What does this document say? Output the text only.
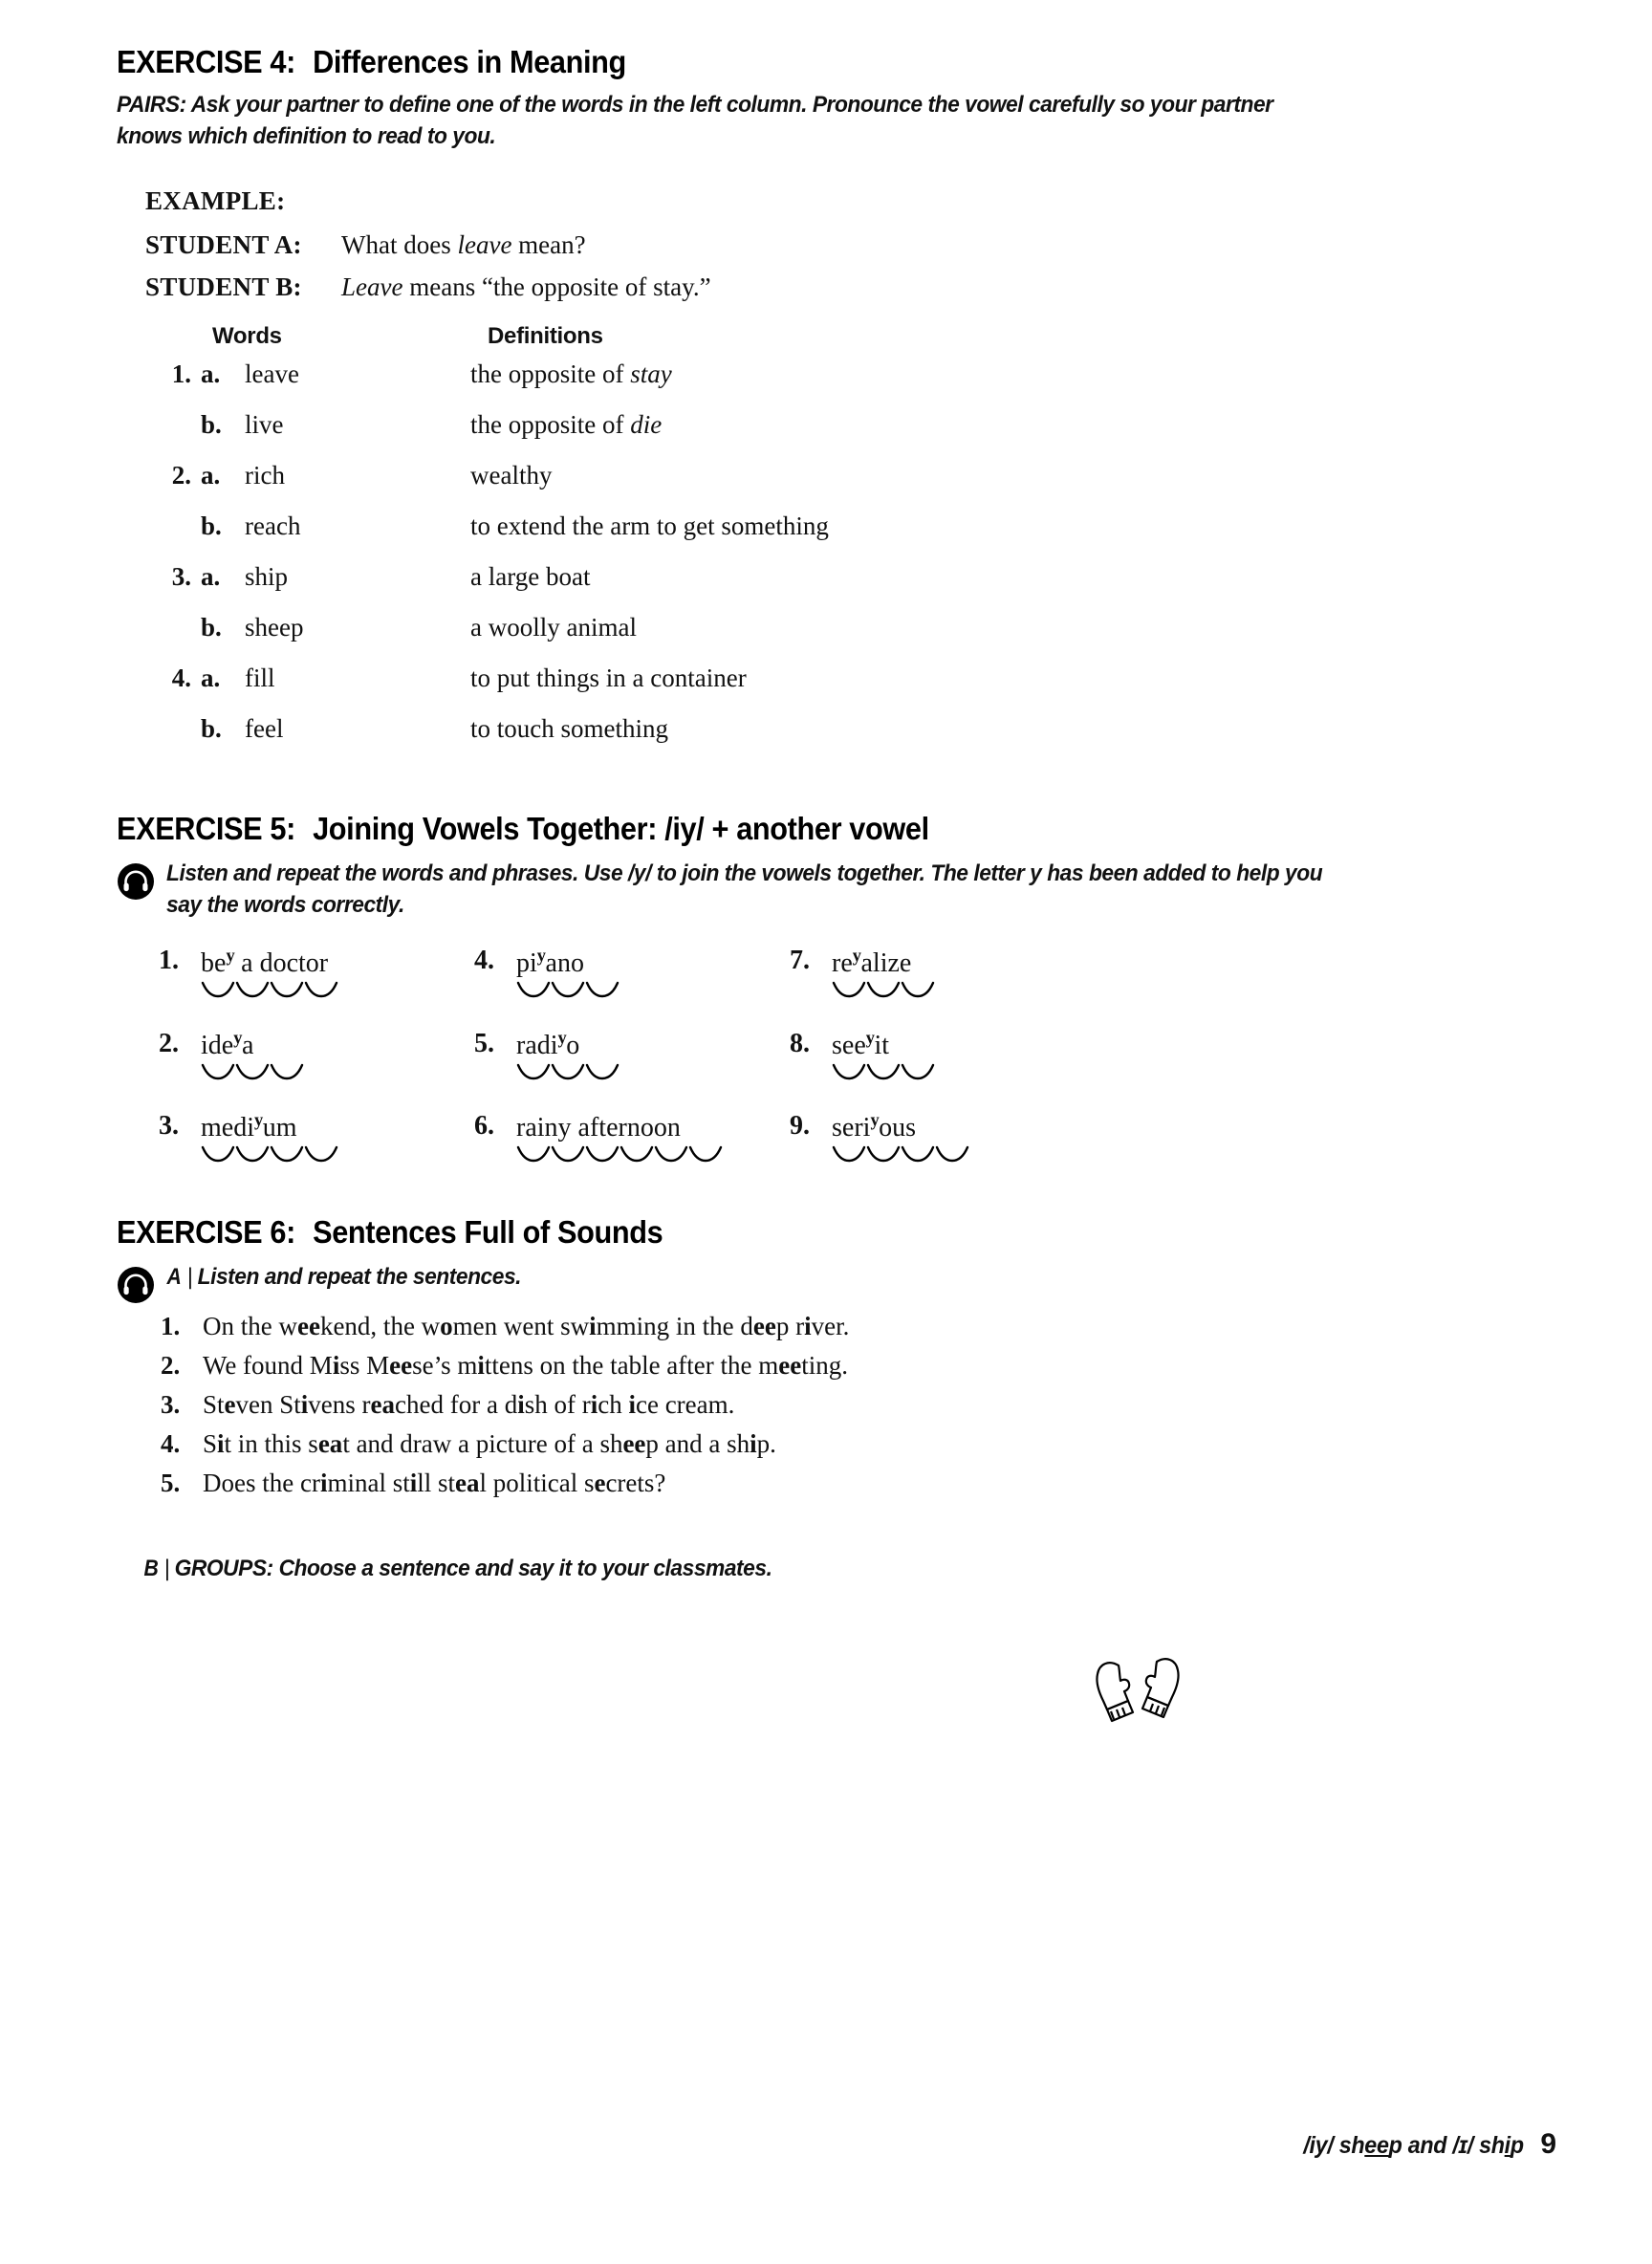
EXERCISE 4: Differences in Meaning
PAIRS: Ask your partner to define one of the words in the left column. Pronounce the vowel carefully so your partner knows which definition to read to you.
EXAMPLE:
STUDENT A:	What does leave mean?
STUDENT B:	Leave means “the opposite of stay.”
Words	Definitions
1. a. leave	the opposite of stay
b. live	the opposite of die
2. a. rich	wealthy
b. reach	to extend the arm to get something
3. a. ship	a large boat
b. sheep	a woolly animal
4. a. fill	to put things in a container
b. feel	to touch something
EXERCISE 5: Joining Vowels Together: /iy/ + another vowel
Listen and repeat the words and phrases. Use /y/ to join the vowels together. The letter y has been added to help you say the words correctly.
1. $be^y$ a doctor	4. $pi^yano$	7. $re^yalize$
2. ide$^y$a	5. radi$^y$o	8. see$^y$it
3. medi$^y$um	6. rainy afternoon	9. seri$^y$ous
EXERCISE 6: Sentences Full of Sounds
A | Listen and repeat the sentences.
1. On the weekend, the women went swimming in the deep river.
2. We found Miss Meese’s mittens on the table after the meeting.
3. Steven Stivens reached for a dish of rich ice cream.
4. Sit in this seat and draw a picture of a sheep and a ship.
5. Does the criminal still steal political secrets?
B | GROUPS: Choose a sentence and say it to your classmates.
/iy/ sheep and /ɪ/ ship 9
